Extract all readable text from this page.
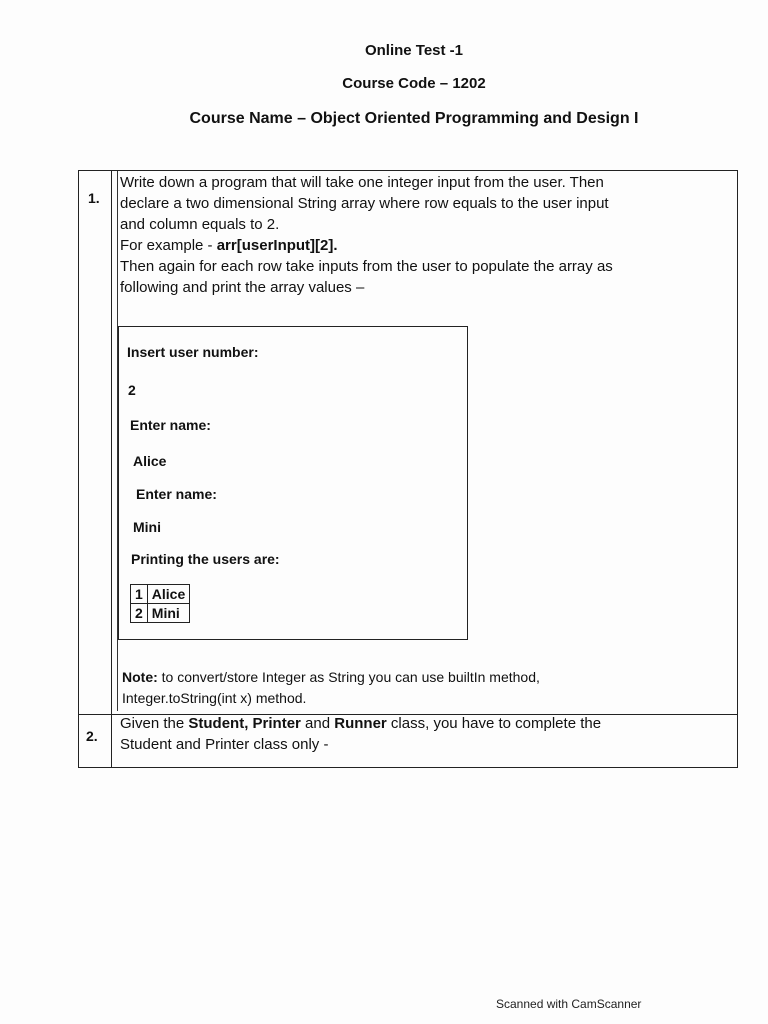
Online Test -1
Course Code – 1202
Course Name – Object Oriented Programming and Design I
1.
Write down a program that will take one integer input from the user. Then
declare a two dimensional String array where row equals to the user input
and column equals to 2.
For example - arr[userInput][2].
Then again for each row take inputs from the user to populate the array as
following and print the array values –
Insert user number:
2
Enter name:
Alice
Enter name:
Mini
Printing the users are:
1	Alice
2	Mini
Note: to convert/store Integer as String you can use builtIn method,
Integer.toString(int x) method.
2.
Given the Student, Printer and Runner class, you have to complete the
Student and Printer class only -
Scanned with CamScanner
